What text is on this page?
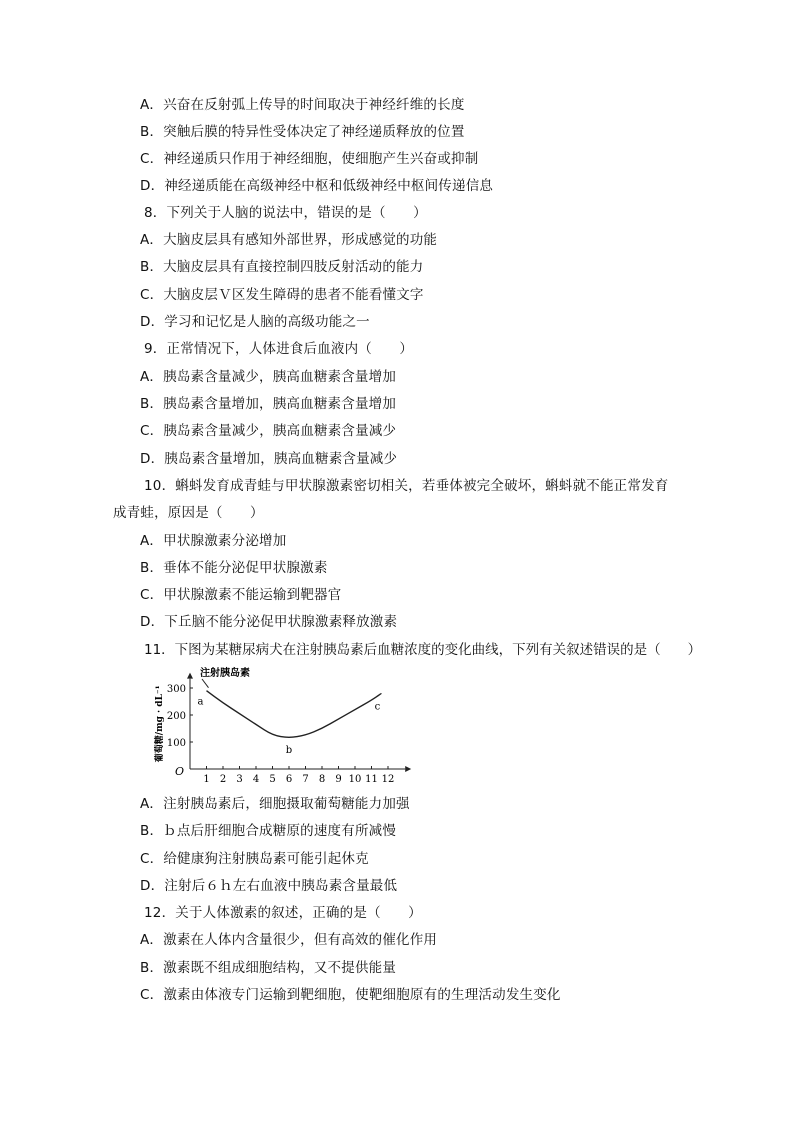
A．兴奋在反射弧上传导的时间取决于神经纤维的长度
B．突触后膜的特异性受体决定了神经递质释放的位置
C．神经递质只作用于神经细胞，使细胞产生兴奋或抑制
D．神经递质能在高级神经中枢和低级神经中枢间传递信息
8．下列关于人脑的说法中，错误的是（　　）
A．大脑皮层具有感知外部世界，形成感觉的功能
B．大脑皮层具有直接控制四肢反射活动的能力
C．大脑皮层Ｖ区发生障碍的患者不能看懂文字
D．学习和记忆是人脑的高级功能之一
9．正常情况下，人体进食后血液内（　　）
A．胰岛素含量减少，胰高血糖素含量增加
B．胰岛素含量增加，胰高血糖素含量增加
C．胰岛素含量减少，胰高血糖素含量减少
D．胰岛素含量增加，胰高血糖素含量减少
10．蝌蚪发育成青蛙与甲状腺激素密切相关，若垂体被完全破坏，蝌蚪就不能正常发育
成青蛙，原因是（　　）
A．甲状腺激素分泌增加
B．垂体不能分泌促甲状腺激素
C．甲状腺激素不能运输到靶器官
D．下丘脑不能分泌促甲状腺激素释放激素
11．下图为某糖尿病犬在注射胰岛素后血糖浓度的变化曲线，下列有关叙述错误的是（　　）
O
1 2 3 4 5 6 7 8 9 10 11 12
100
200
300
葡萄糖/mg · dL⁻¹	a
b
c
注射胰岛素
A．注射胰岛素后，细胞摄取葡萄糖能力加强
B．ｂ点后肝细胞合成糖原的速度有所减慢
C．给健康狗注射胰岛素可能引起休克
D．注射后６ｈ左右血液中胰岛素含量最低
12．关于人体激素的叙述，正确的是（　　）
A．激素在人体内含量很少，但有高效的催化作用
B．激素既不组成细胞结构，又不提供能量
C．激素由体液专门运输到靶细胞，使靶细胞原有的生理活动发生变化
